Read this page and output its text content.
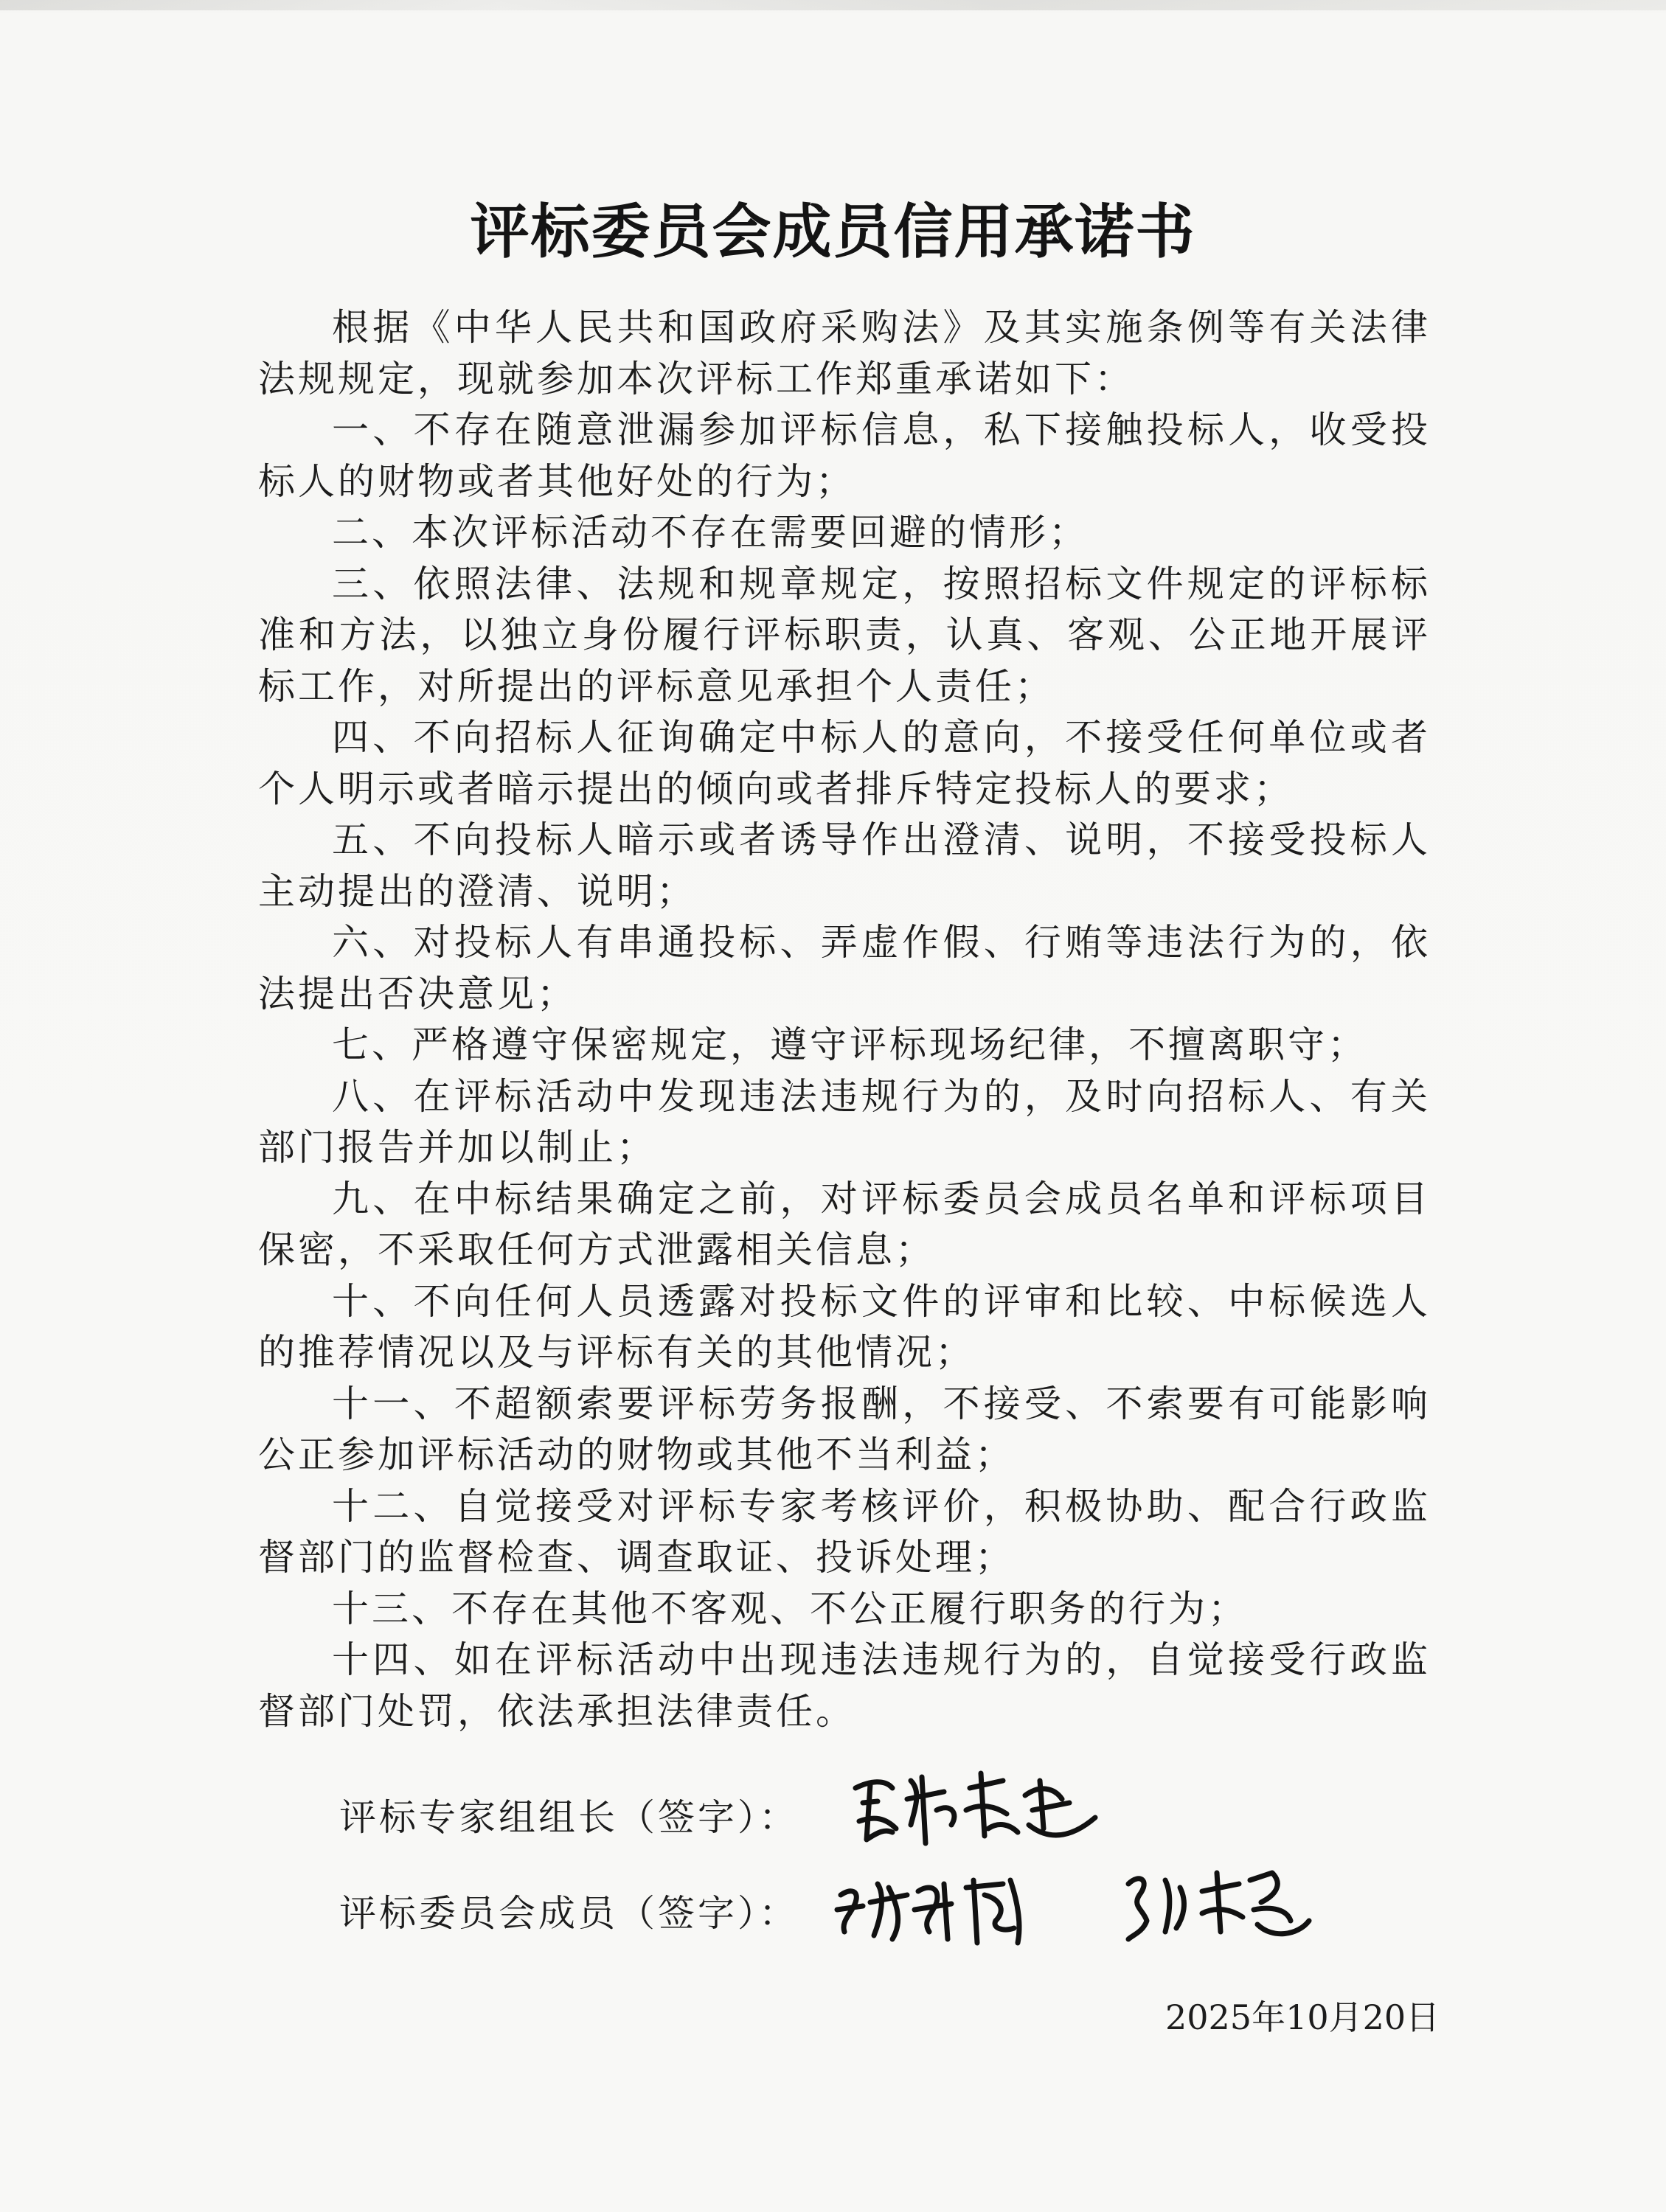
评标委员会成员信用承诺书

根据《中华人民共和国政府采购法》及其实施条例等有关法律法规规定，现就参加本次评标工作郑重承诺如下：

一、不存在随意泄漏参加评标信息，私下接触投标人，收受投标人的财物或者其他好处的行为；

二、本次评标活动不存在需要回避的情形；

三、依照法律、法规和规章规定，按照招标文件规定的评标标准和方法，以独立身份履行评标职责，认真、客观、公正地开展评标工作，对所提出的评标意见承担个人责任；

四、不向招标人征询确定中标人的意向，不接受任何单位或者个人明示或者暗示提出的倾向或者排斥特定投标人的要求；

五、不向投标人暗示或者诱导作出澄清、说明，不接受投标人主动提出的澄清、说明；

六、对投标人有串通投标、弄虚作假、行贿等违法行为的，依法提出否决意见；

七、严格遵守保密规定，遵守评标现场纪律，不擅离职守；

八、在评标活动中发现违法违规行为的，及时向招标人、有关部门报告并加以制止；

九、在中标结果确定之前，对评标委员会成员名单和评标项目保密，不采取任何方式泄露相关信息；

十、不向任何人员透露对投标文件的评审和比较、中标候选人的推荐情况以及与评标有关的其他情况；

十一、不超额索要评标劳务报酬，不接受、不索要有可能影响公正参加评标活动的财物或其他不当利益；

十二、自觉接受对评标专家考核评价，积极协助、配合行政监督部门的监督检查、调查取证、投诉处理；

十三、不存在其他不客观、不公正履行职务的行为；

十四、如在评标活动中出现违法违规行为的，自觉接受行政监督部门处罚，依法承担法律责任。

评标专家组组长（签字）：
评标委员会成员（签字）：
2025年10月20日
